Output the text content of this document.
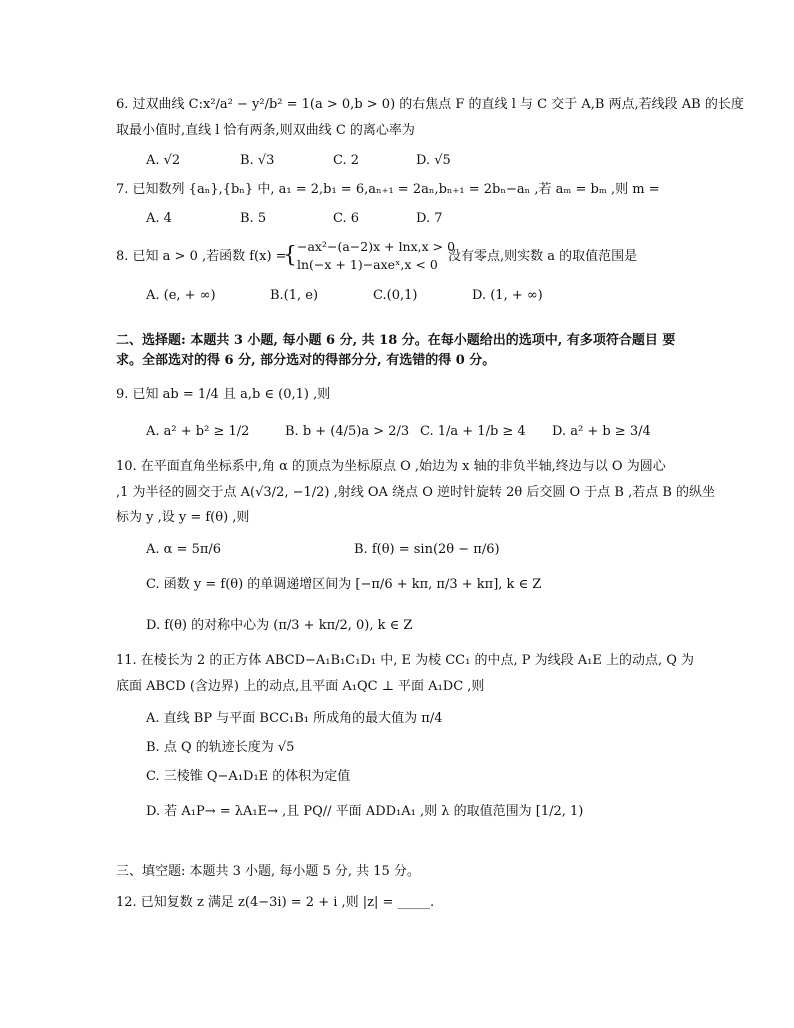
6. 过双曲线 C:x²/a² − y²/b² = 1(a > 0,b > 0) 的右焦点 F 的直线 l 与 C 交于 A,B 两点,若线段 AB 的长度
取最小值时,直线 l 恰有两条,则双曲线 C 的离心率为
A. √2	B. √3	C. 2	D. √5
7. 已知数列 {aₙ},{bₙ} 中, a₁ = 2,b₁ = 6,aₙ₊₁ = 2aₙ,bₙ₊₁ = 2bₙ−aₙ ,若 aₘ = bₘ ,则 m =
A. 4	B. 5	C. 6	D. 7
8. 已知 a > 0 ,若函数 f(x) =
{ −ax²−(a−2)x + lnx,x > 0
ln(−x + 1)−axeˣ,x < 0
没有零点,则实数 a 的取值范围是
A. (e, + ∞)	B.(1, e)	C.(0,1)	D. (1, + ∞)
二、选择题: 本题共 3 小题, 每小题 6 分, 共 18 分。在每小题给出的选项中, 有多项符合题目 要
求。全部选对的得 6 分, 部分选对的得部分分, 有选错的得 0 分。
9. 已知 ab = 1/4 且 a,b ∈ (0,1) ,则
A. a² + b² ≥ 1/2	B. b + (4/5)a > 2/3 C. 1/a + 1/b ≥ 4 D. a² + b ≥ 3/4
10. 在平面直角坐标系中,角 α 的顶点为坐标原点 O ,始边为 x 轴的非负半轴,终边与以 O 为圆心
,1 为半径的圆交于点 A(√3/2, −1/2) ,射线 OA 绕点 O 逆时针旋转 2θ 后交圆 O 于点 B ,若点 B 的纵坐
标为 y ,设 y = f(θ) ,则
A. α = 5π/6	B. f(θ) = sin(2θ − π/6)
C. 函数 y = f(θ) 的单调递增区间为 [−π/6 + kπ, π/3 + kπ], k ∈ Z
D. f(θ) 的对称中心为 (π/3 + kπ/2, 0), k ∈ Z
11. 在棱长为 2 的正方体 ABCD−A₁B₁C₁D₁ 中, E 为棱 CC₁ 的中点, P 为线段 A₁E 上的动点, Q 为
底面 ABCD (含边界) 上的动点,且平面 A₁QC ⊥ 平面 A₁DC ,则
A. 直线 BP 与平面 BCC₁B₁ 所成角的最大值为 π/4
B. 点 Q 的轨迹长度为 √5
C. 三棱锥 Q−A₁D₁E 的体积为定值
D. 若 A₁P→ = λA₁E→ ,且 PQ// 平面 ADD₁A₁ ,则 λ 的取值范围为 [1/2, 1)
三、填空题: 本题共 3 小题, 每小题 5 分, 共 15 分。
12. 已知复数 z 满足 z(4−3i) = 2 + i ,则 |z| = _____.
